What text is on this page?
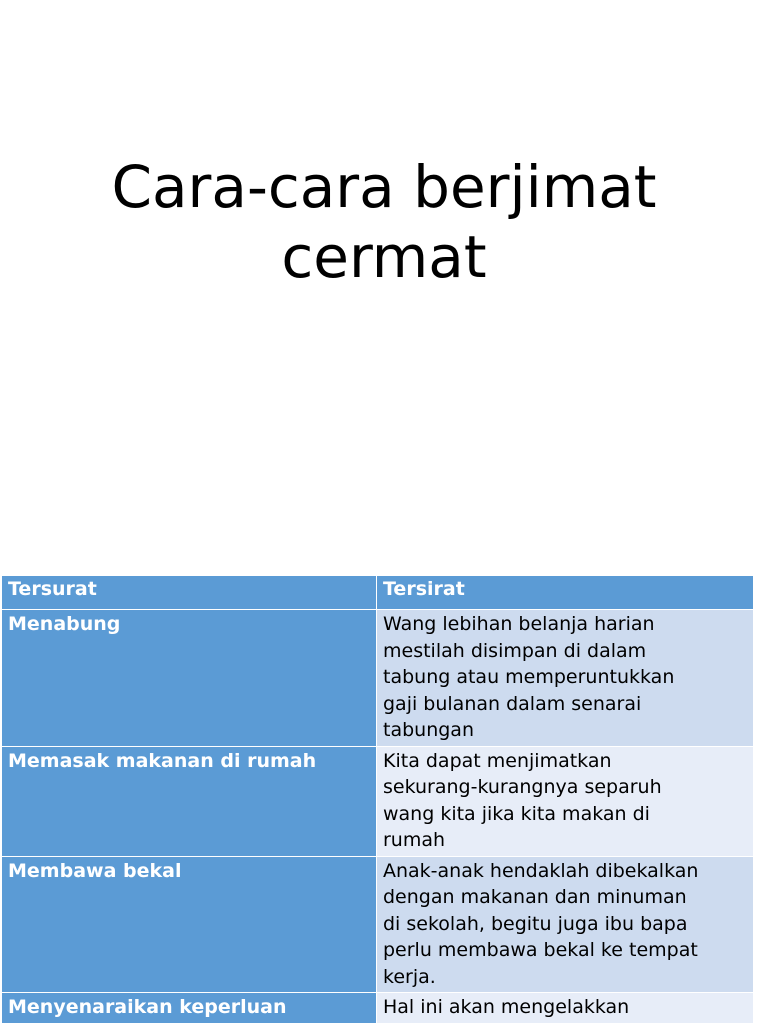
Cara-cara berjimat
cermat
Tersurat	Tersirat
Menabung	Wang lebihan belanja harian
mestilah disimpan di dalam
tabung atau memperuntukkan
gaji bulanan dalam senarai
tabungan

Memasak makanan di rumah	Kita dapat menjimatkan
sekurang-kurangnya separuh
wang kita jika kita makan di
rumah

Membawa bekal	Anak-anak hendaklah dibekalkan
dengan makanan dan minuman
di sekolah, begitu juga ibu bapa
perlu membawa bekal ke tempat
kerja.

Menyenaraikan keperluan	Hal ini akan mengelakkan
